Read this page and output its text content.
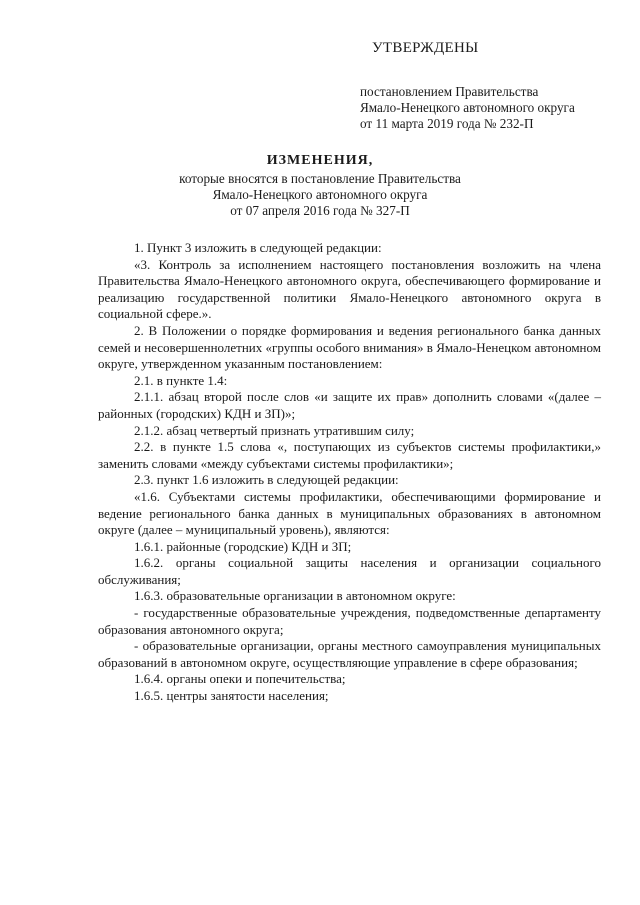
УТВЕРЖДЕНЫ
постановлением Правительства
Ямало-Ненецкого автономного округа
от 11 марта 2019 года № 232-П
ИЗМЕНЕНИЯ,
которые вносятся в постановление Правительства
Ямало-Ненецкого автономного округа
от 07 апреля 2016 года № 327-П

1. Пункт 3 изложить в следующей редакции:

«3. Контроль за исполнением настоящего постановления возложить на члена Правительства Ямало-Ненецкого автономного округа, обеспечивающего формирование и реализацию государственной политики Ямало-Ненецкого автономного округа в социальной сфере.».

2. В Положении о порядке формирования и ведения регионального банка данных семей и несовершеннолетних «группы особого внимания» в Ямало-Ненецком автономном округе, утвержденном указанным постановлением:

2.1. в пункте 1.4:

2.1.1. абзац второй после слов «и защите их прав» дополнить словами «(далее – районных (городских) КДН и ЗП)»;

2.1.2. абзац четвертый признать утратившим силу;

2.2. в пункте 1.5 слова «, поступающих из субъектов системы профилактики,» заменить словами «между субъектами системы профилактики»;

2.3. пункт 1.6 изложить в следующей редакции:

«1.6. Субъектами системы профилактики, обеспечивающими формирование и ведение регионального банка данных в муниципальных образованиях в автономном округе (далее – муниципальный уровень), являются:

1.6.1. районные (городские) КДН и ЗП;

1.6.2. органы социальной защиты населения и организации социального обслуживания;

1.6.3. образовательные организации в автономном округе:

- государственные образовательные учреждения, подведомственные департаменту образования автономного округа;

- образовательные организации, органы местного самоуправления муниципальных образований в автономном округе, осуществляющие управление в сфере образования;

1.6.4. органы опеки и попечительства;

1.6.5. центры занятости населения;
